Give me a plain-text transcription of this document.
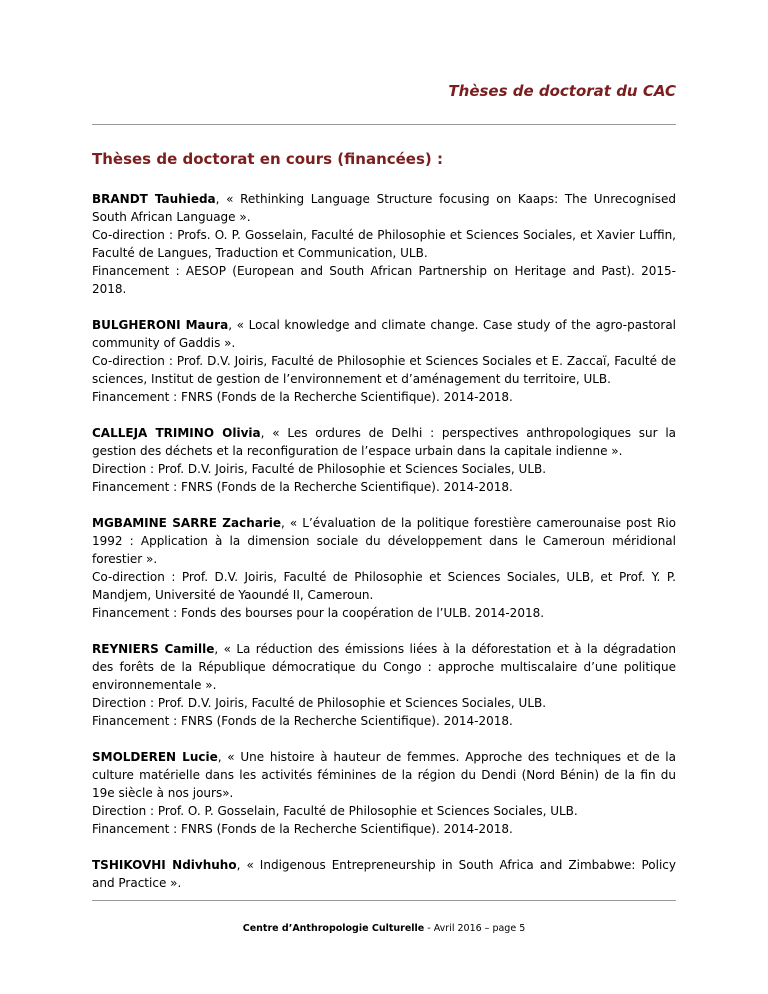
Thèses de doctorat du CAC
Thèses de doctorat en cours (financées) :

BRANDT Tauhieda, « Rethinking Language Structure focusing on Kaaps: The Unrecognised South African Language ».

Co-direction : Profs. O. P. Gosselain, Faculté de Philosophie et Sciences Sociales, et Xavier Luffin, Faculté de Langues, Traduction et Communication, ULB.

Financement : AESOP (European and South African Partnership on Heritage and Past). 2015-2018.

BULGHERONI Maura, « Local knowledge and climate change. Case study of the agro-pastoral community of Gaddis ».

Co-direction : Prof. D.V. Joiris, Faculté de Philosophie et Sciences Sociales et E. Zaccaï, Faculté de sciences, Institut de gestion de l’environnement et d’aménagement du territoire, ULB.

Financement : FNRS (Fonds de la Recherche Scientifique). 2014-2018.

CALLEJA TRIMINO Olivia, « Les ordures de Delhi : perspectives anthropologiques sur la gestion des déchets et la reconfiguration de l’espace urbain dans la capitale indienne ».

Direction : Prof. D.V. Joiris, Faculté de Philosophie et Sciences Sociales, ULB.

Financement : FNRS (Fonds de la Recherche Scientifique). 2014-2018.

MGBAMINE SARRE Zacharie, « L’évaluation de la politique forestière camerounaise post Rio 1992 : Application à la dimension sociale du développement dans le Cameroun méridional forestier ».

Co-direction : Prof. D.V. Joiris, Faculté de Philosophie et Sciences Sociales, ULB, et Prof. Y. P. Mandjem, Université de Yaoundé II, Cameroun.

Financement : Fonds des bourses pour la coopération de l’ULB. 2014-2018.

REYNIERS Camille, « La réduction des émissions liées à la déforestation et à la dégradation des forêts de la République démocratique du Congo : approche multiscalaire d’une politique environnementale ».

Direction : Prof. D.V. Joiris, Faculté de Philosophie et Sciences Sociales, ULB.

Financement : FNRS (Fonds de la Recherche Scientifique). 2014-2018.

SMOLDEREN Lucie, « Une histoire à hauteur de femmes. Approche des techniques et de la culture matérielle dans les activités féminines de la région du Dendi (Nord Bénin) de la fin du 19e siècle à nos jours».

Direction : Prof. O. P. Gosselain, Faculté de Philosophie et Sciences Sociales, ULB.

Financement : FNRS (Fonds de la Recherche Scientifique). 2014-2018.

TSHIKOVHI Ndivhuho, « Indigenous Entrepreneurship in South Africa and Zimbabwe: Policy and Practice ».

Centre d’Anthropologie Culturelle - Avril 2016 – page 5
